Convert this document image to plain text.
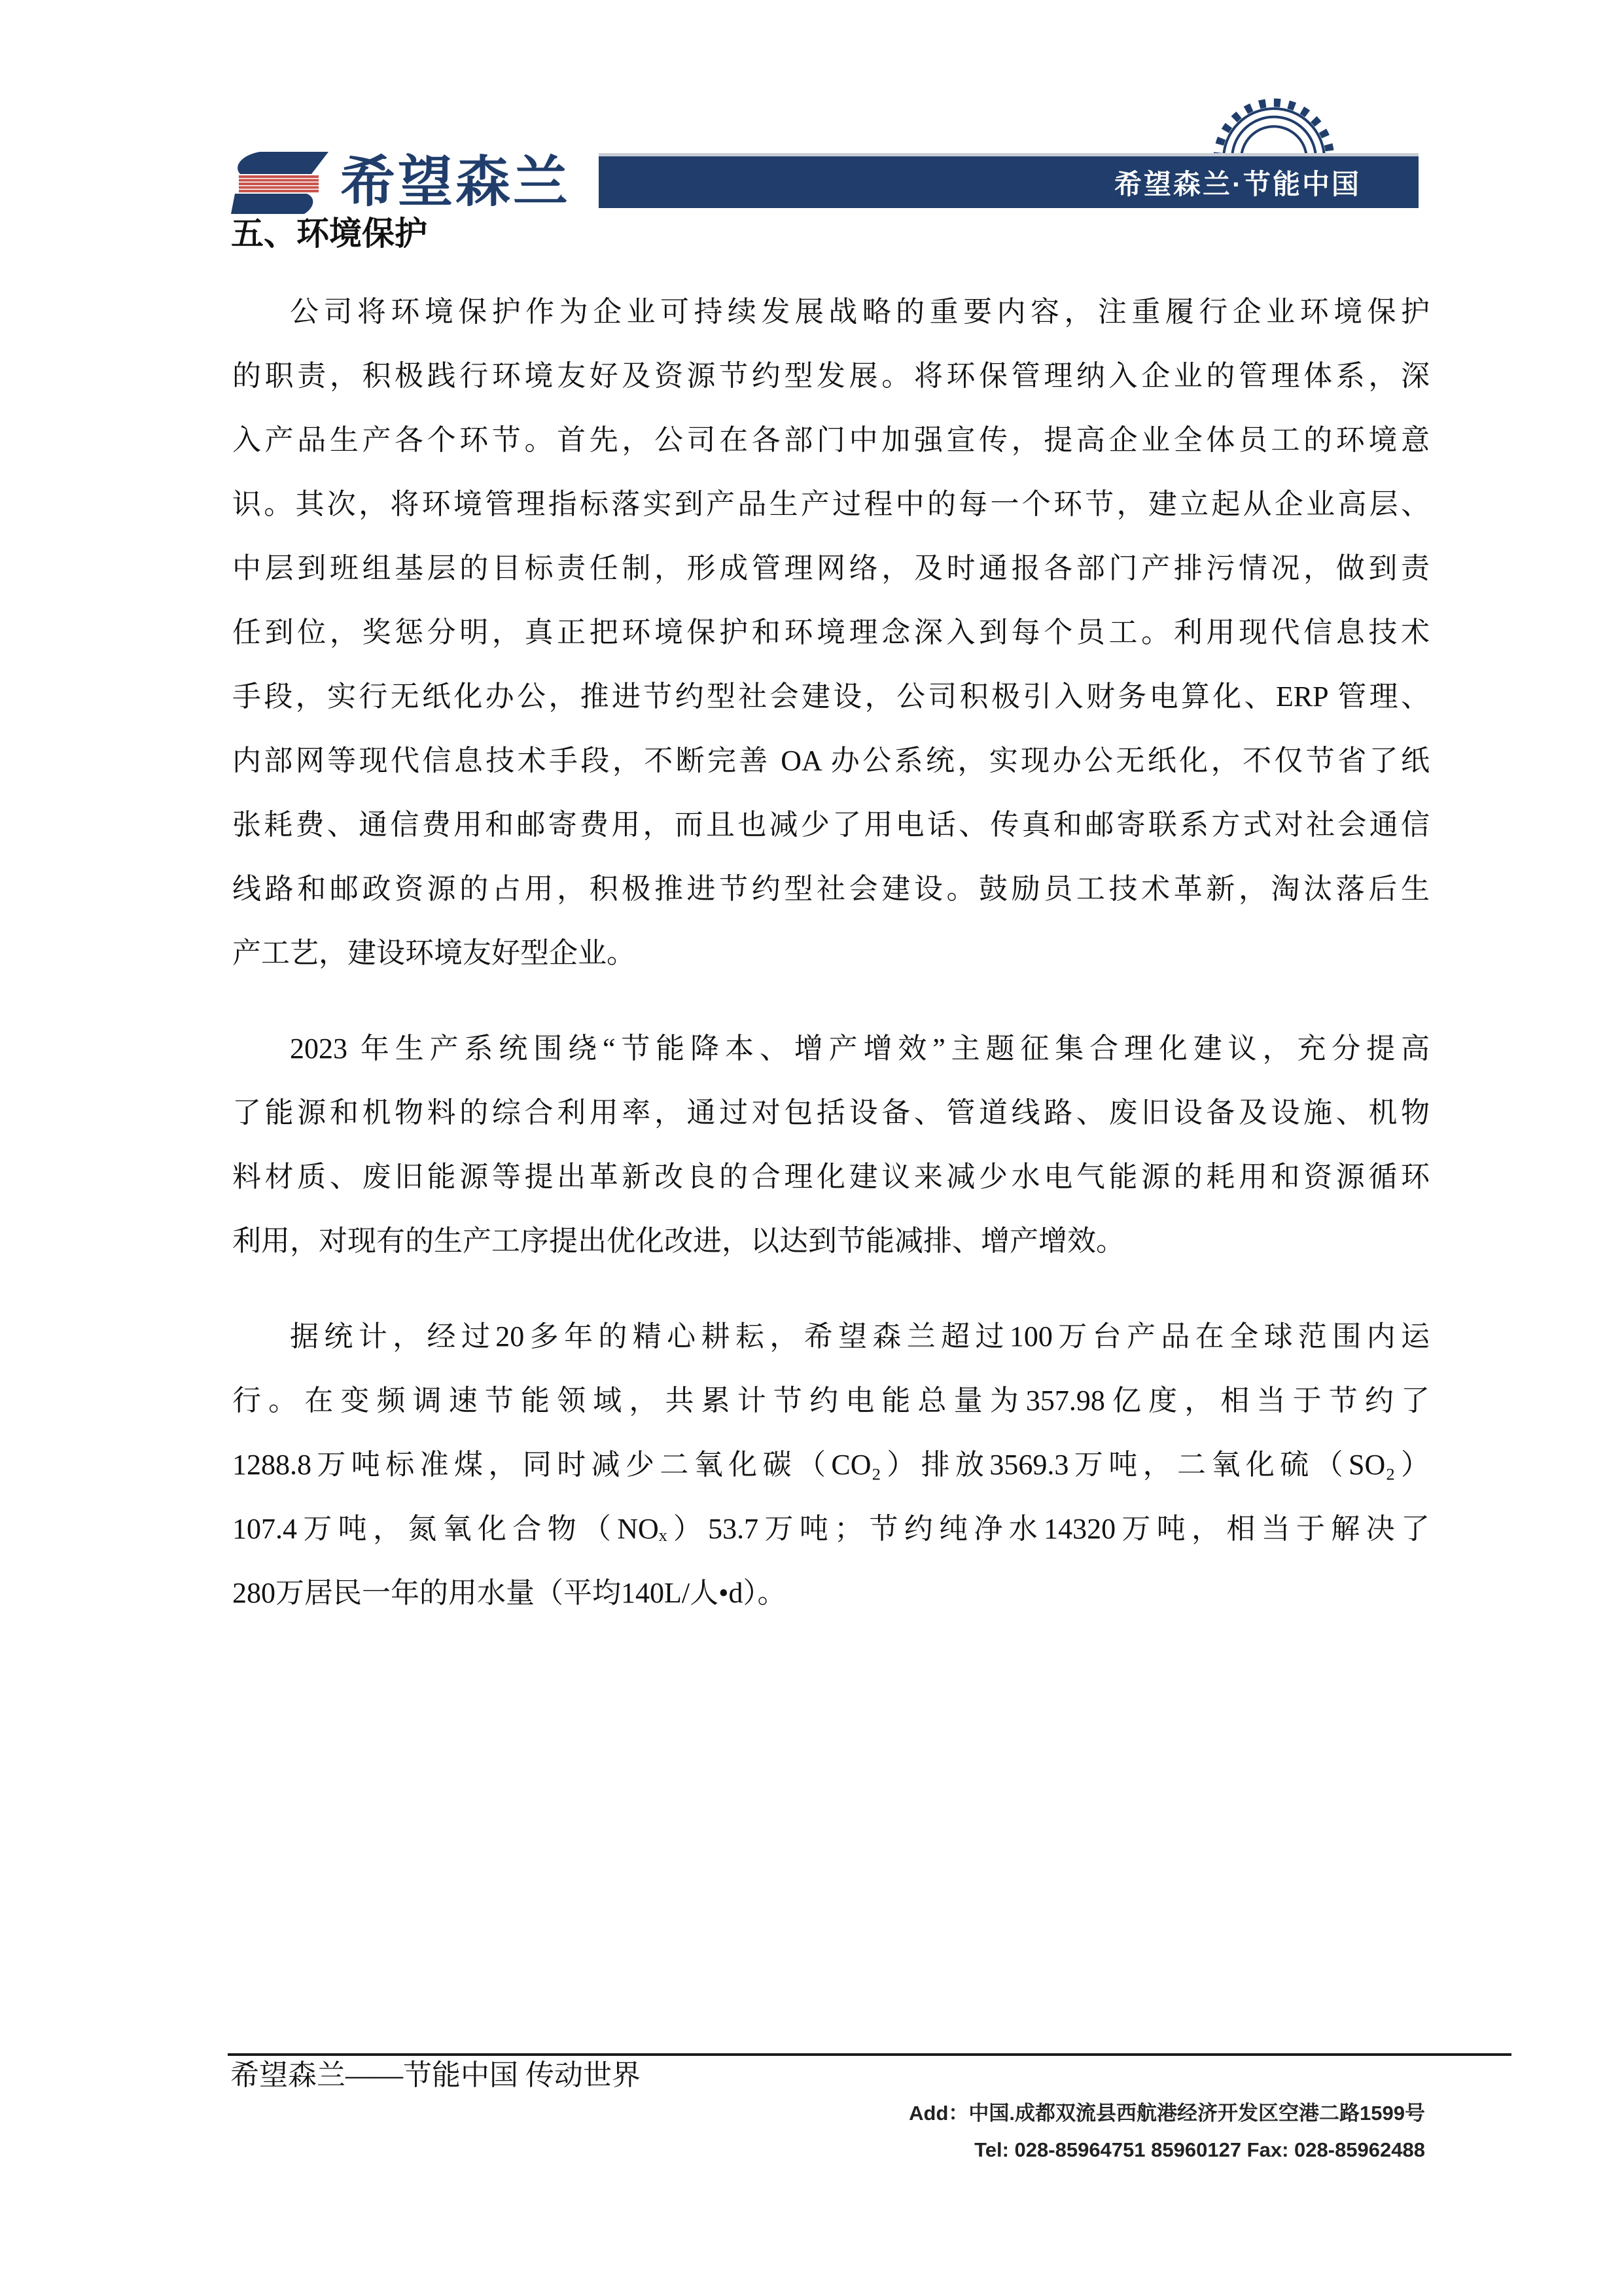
希望森兰	希望森兰·节能中国
五、环境保护
公司将环境保护作为企业可持续发展战略的重要内容，注重履行企业环境保护
的职责，积极践行环境友好及资源节约型发展。将环保管理纳入企业的管理体系，深
入产品生产各个环节。首先，公司在各部门中加强宣传，提高企业全体员工的环境意
识。其次，将环境管理指标落实到产品生产过程中的每一个环节，建立起从企业高层、
中层到班组基层的目标责任制，形成管理网络，及时通报各部门产排污情况，做到责
任到位，奖惩分明，真正把环境保护和环境理念深入到每个员工。利用现代信息技术
手段，实行无纸化办公，推进节约型社会建设，公司积极引入财务电算化、ERP 管理、
内部网等现代信息技术手段，不断完善 OA 办公系统，实现办公无纸化，不仅节省了纸
张耗费、通信费用和邮寄费用，而且也减少了用电话、传真和邮寄联系方式对社会通信
线路和邮政资源的占用，积极推进节约型社会建设。鼓励员工技术革新，淘汰落后生
产工艺，建设环境友好型企业。
2023 年生产系统围绕“节能降本、增产增效”主题征集合理化建议，充分提高
了能源和机物料的综合利用率，通过对包括设备、管道线路、废旧设备及设施、机物
料材质、废旧能源等提出革新改良的合理化建议来减少水电气能源的耗用和资源循环
利用，对现有的生产工序提出优化改进，以达到节能减排、增产增效。
据统计，经过20多年的精心耕耘，希望森兰超过100万台产品在全球范围内运
行。在变频调速节能领域，共累计节约电能总量为357.98亿度，相当于节约了
1288.8万吨标准煤，同时减少二氧化碳（CO₂）排放3569.3万吨，二氧化硫（SO₂）
107.4万吨，氮氧化合物（NOₓ）53.7万吨；节约纯净水14320万吨，相当于解决了
280万居民一年的用水量（平均140L/人•d）。
希望森兰——节能中国 传动世界
Add：中国.成都双流县西航港经济开发区空港二路1599号
Tel: 028-85964751 85960127 Fax: 028-85962488
